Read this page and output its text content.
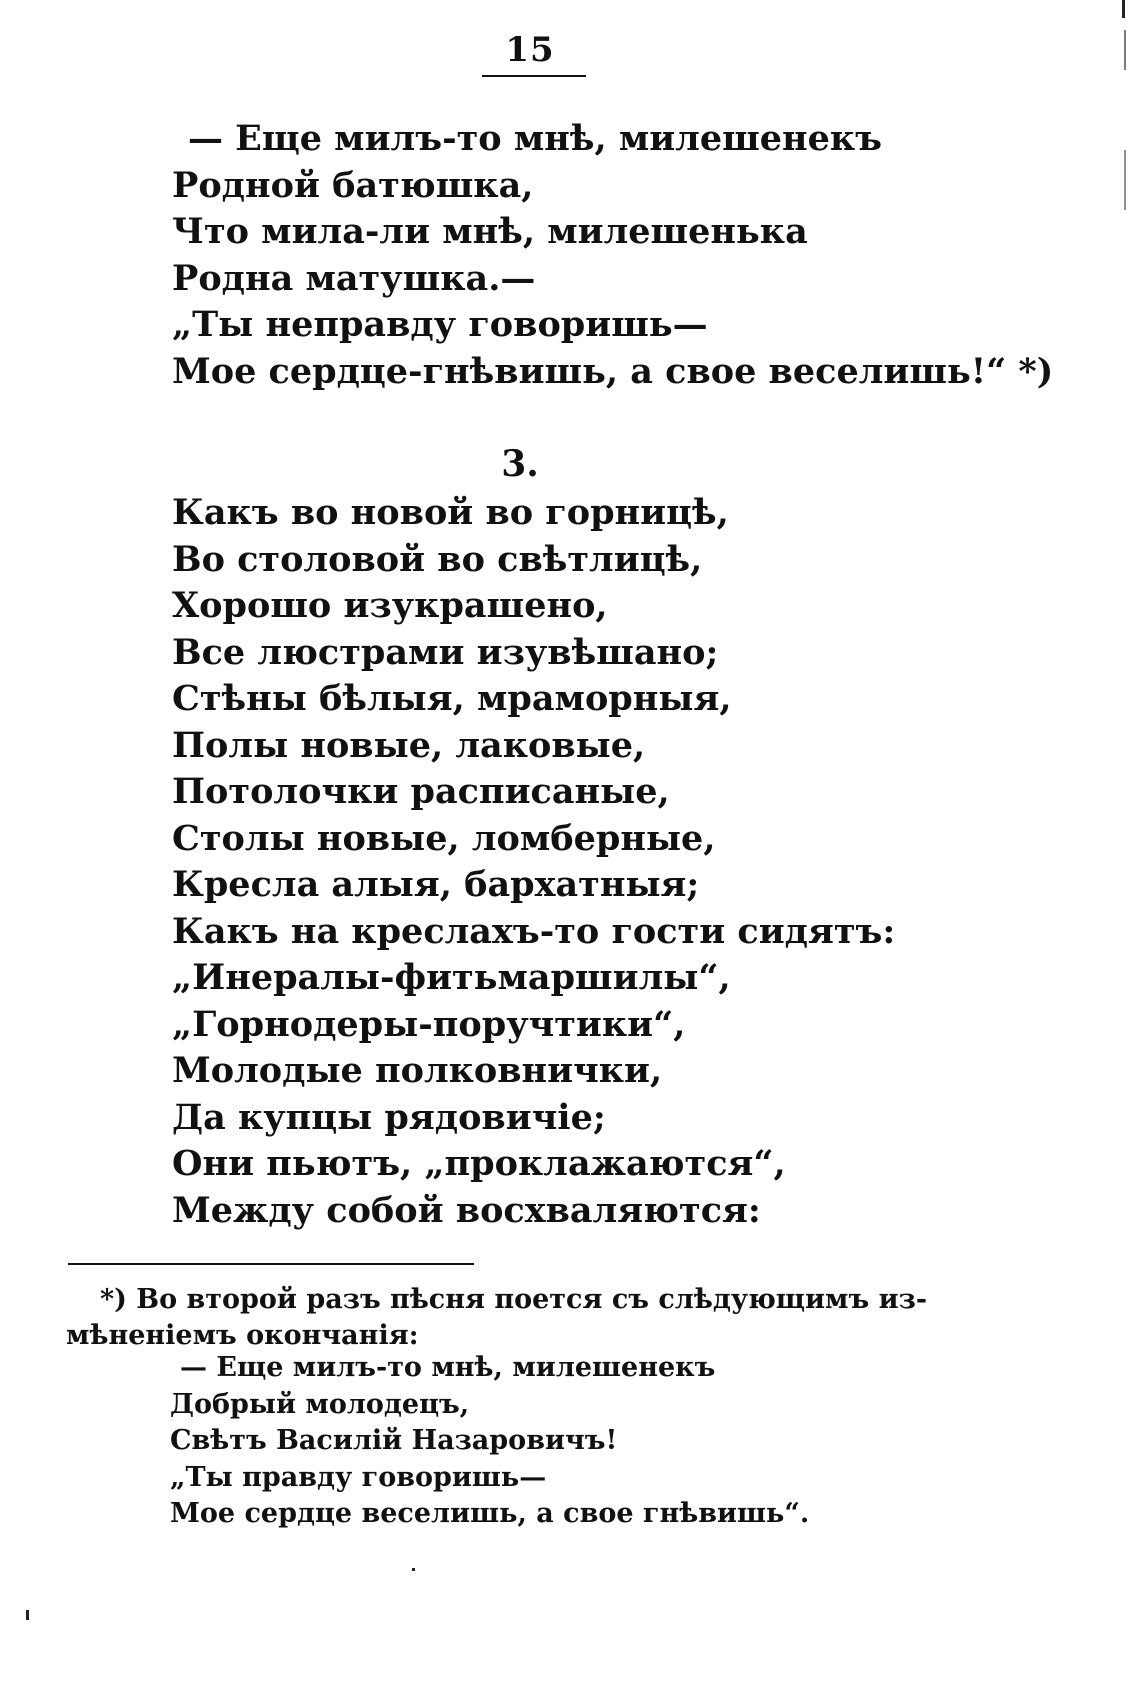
15
— Еще милъ-то мнѣ, милешенекъ
Родной батюшка,
Что мила-ли мнѣ, милешенька
Родна матушка.—
„Ты неправду говоришь—
Мое сердце-гнѣвишь, а свое веселишь!“ *)
3.
Какъ во новой во горницѣ,
Во столовой во свѣтлицѣ,
Хорошо изукрашено,
Все люстрами изувѣшано;
Стѣны бѣлыя, мраморныя,
Полы новые, лаковые,
Потолочки расписаные,
Столы новые, ломберные,
Кресла алыя, бархатныя;
Какъ на креслахъ-то гости сидятъ:
„Инералы-фитьмаршилы“,
„Горнодеры-поручтики“,
Молодые полковнички,
Да купцы рядовичіе;
Они пьютъ, „проклажаются“,
Между собой восхваляются:
*) Во второй разъ пѣсня поется съ слѣдующимъ из-
мѣненіемъ окончанія:
— Еще милъ-то мнѣ, милешенекъ
Добрый молодецъ,
Свѣтъ Василій Назаровичъ!
„Ты правду говоришь—
Мое сердце веселишь, а свое гнѣвишь“.
